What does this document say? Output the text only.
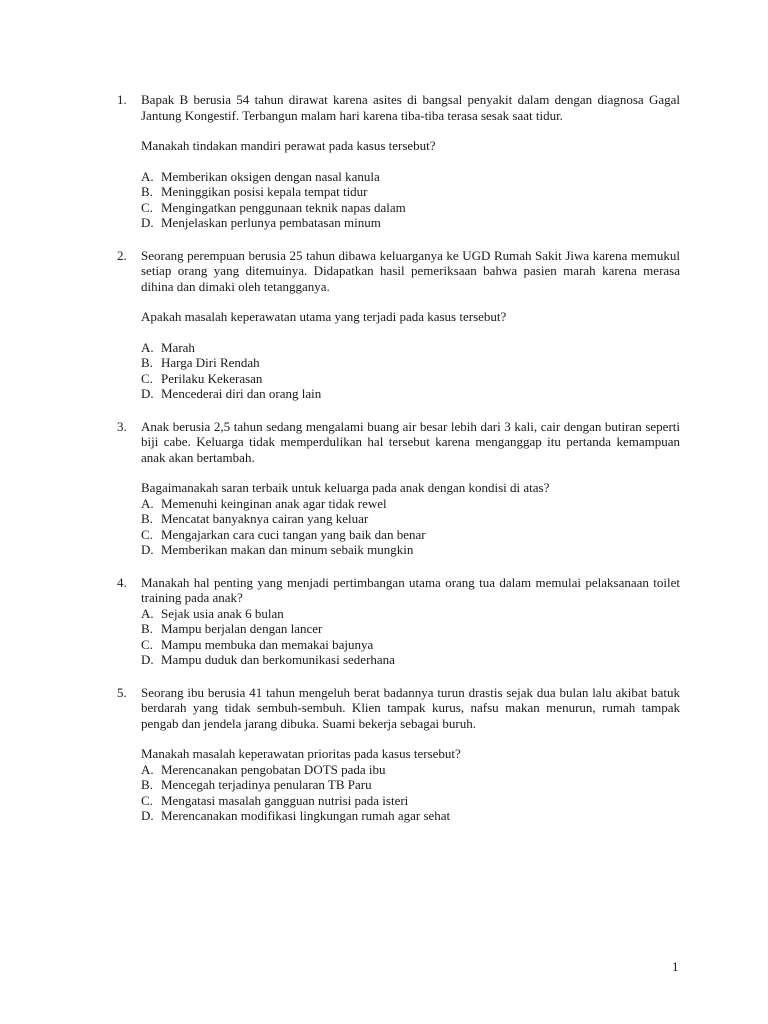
1. Bapak B berusia 54 tahun dirawat karena asites di bangsal penyakit dalam dengan diagnosa Gagal Jantung Kongestif. Terbangun malam hari karena tiba-tiba terasa sesak saat tidur.

Manakah tindakan mandiri perawat pada kasus tersebut?

A. Memberikan oksigen dengan nasal kanula
B. Meninggikan posisi kepala tempat tidur
C. Mengingatkan penggunaan teknik napas dalam
D. Menjelaskan perlunya pembatasan minum
2. Seorang perempuan berusia 25 tahun dibawa keluarganya ke UGD Rumah Sakit Jiwa karena memukul setiap orang yang ditemuinya. Didapatkan hasil pemeriksaan bahwa pasien marah karena merasa dihina dan dimaki oleh tetangganya.

Apakah masalah keperawatan utama yang terjadi pada kasus tersebut?

A. Marah
B. Harga Diri Rendah
C. Perilaku Kekerasan
D. Mencederai diri dan orang lain
3. Anak berusia 2,5 tahun sedang mengalami buang air besar lebih dari 3 kali, cair dengan butiran seperti biji cabe. Keluarga tidak memperdulikan hal tersebut karena menganggap itu pertanda kemampuan anak akan bertambah.

Bagaimanakah saran terbaik untuk keluarga pada anak dengan kondisi di atas?

A. Memenuhi keinginan anak agar tidak rewel
B. Mencatat banyaknya cairan yang keluar
C. Mengajarkan cara cuci tangan yang baik dan benar
D. Memberikan makan dan minum sebaik mungkin
4. Manakah hal penting yang menjadi pertimbangan utama orang tua dalam memulai pelaksanaan toilet training pada anak?

A. Sejak usia anak 6 bulan
B. Mampu berjalan dengan lancer
C. Mampu membuka dan memakai bajunya
D. Mampu duduk dan berkomunikasi sederhana
5. Seorang ibu berusia 41 tahun mengeluh berat badannya turun drastis sejak dua bulan lalu akibat batuk berdarah yang tidak sembuh-sembuh. Klien tampak kurus, nafsu makan menurun, rumah tampak pengab dan jendela jarang dibuka. Suami bekerja sebagai buruh.

Manakah masalah keperawatan prioritas pada kasus tersebut?

A. Merencanakan pengobatan DOTS pada ibu
B. Mencegah terjadinya penularan TB Paru
C. Mengatasi masalah gangguan nutrisi pada isteri
D. Merencanakan modifikasi lingkungan rumah agar sehat
1
